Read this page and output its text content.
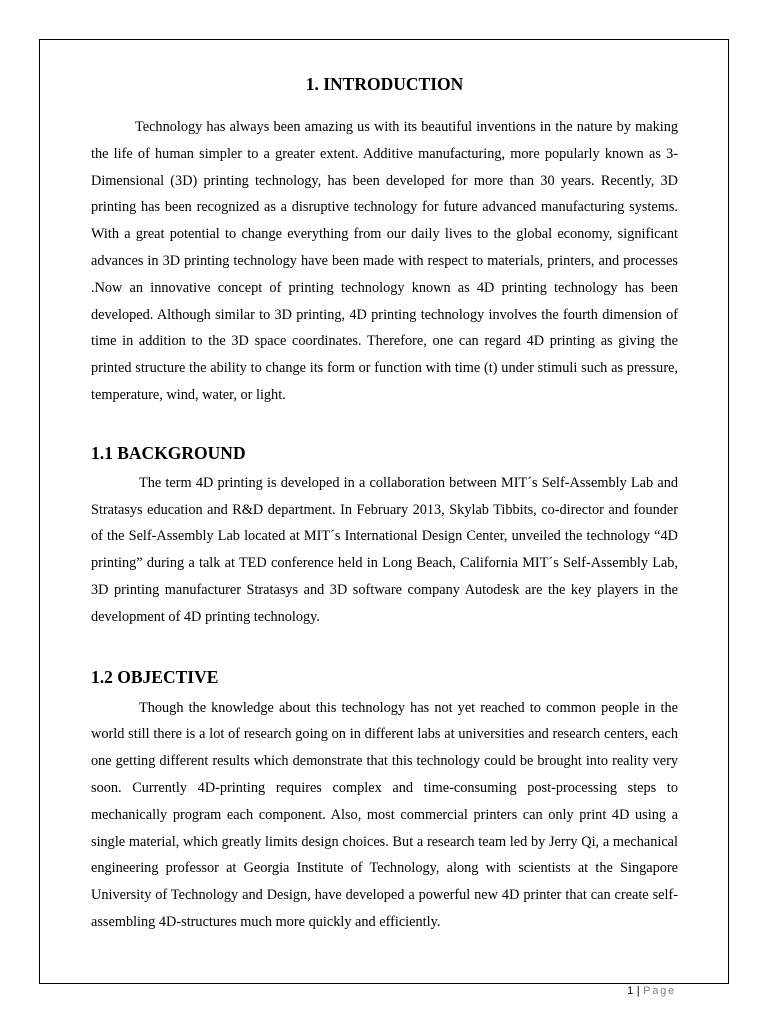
1. INTRODUCTION

Technology has always been amazing us with its beautiful inventions in the nature by making the life of human simpler to a greater extent. Additive manufacturing, more popularly known as 3-Dimensional (3D) printing technology, has been developed for more than 30 years. Recently, 3D printing has been recognized as a disruptive technology for future advanced manufacturing systems. With a great potential to change everything from our daily lives to the global economy, significant advances in 3D printing technology have been made with respect to materials, printers, and processes .Now an innovative concept of printing technology known as 4D printing technology has been developed. Although similar to 3D printing, 4D printing technology involves the fourth dimension of time in addition to the 3D space coordinates. Therefore, one can regard 4D printing as giving the printed structure the ability to change its form or function with time (t) under stimuli such as pressure, temperature, wind, water, or light.

1.1 BACKGROUND

The term 4D printing is developed in a collaboration between MIT´s Self-Assembly Lab and Stratasys education and R&D department. In February 2013, Skylab Tibbits, co-director and founder of the Self-Assembly Lab located at MIT´s International Design Center, unveiled the technology “4D printing” during a talk at TED conference held in Long Beach, California MIT´s Self-Assembly Lab, 3D printing manufacturer Stratasys and 3D software company Autodesk are the key players in the development of 4D printing technology.

1.2 OBJECTIVE

Though the knowledge about this technology has not yet reached to common people in the world still there is a lot of research going on in different labs at universities and research centers, each one getting different results which demonstrate that this technology could be brought into reality very soon. Currently 4D-printing requires complex and time-consuming post-processing steps to mechanically program each component. Also, most commercial printers can only print 4D using a single material, which greatly limits design choices. But a research team led by Jerry Qi, a mechanical engineering professor at Georgia Institute of Technology, along with scientists at the Singapore University of Technology and Design, have developed a powerful new 4D printer that can create self-assembling 4D-structures much more quickly and efficiently.

1 | Page
